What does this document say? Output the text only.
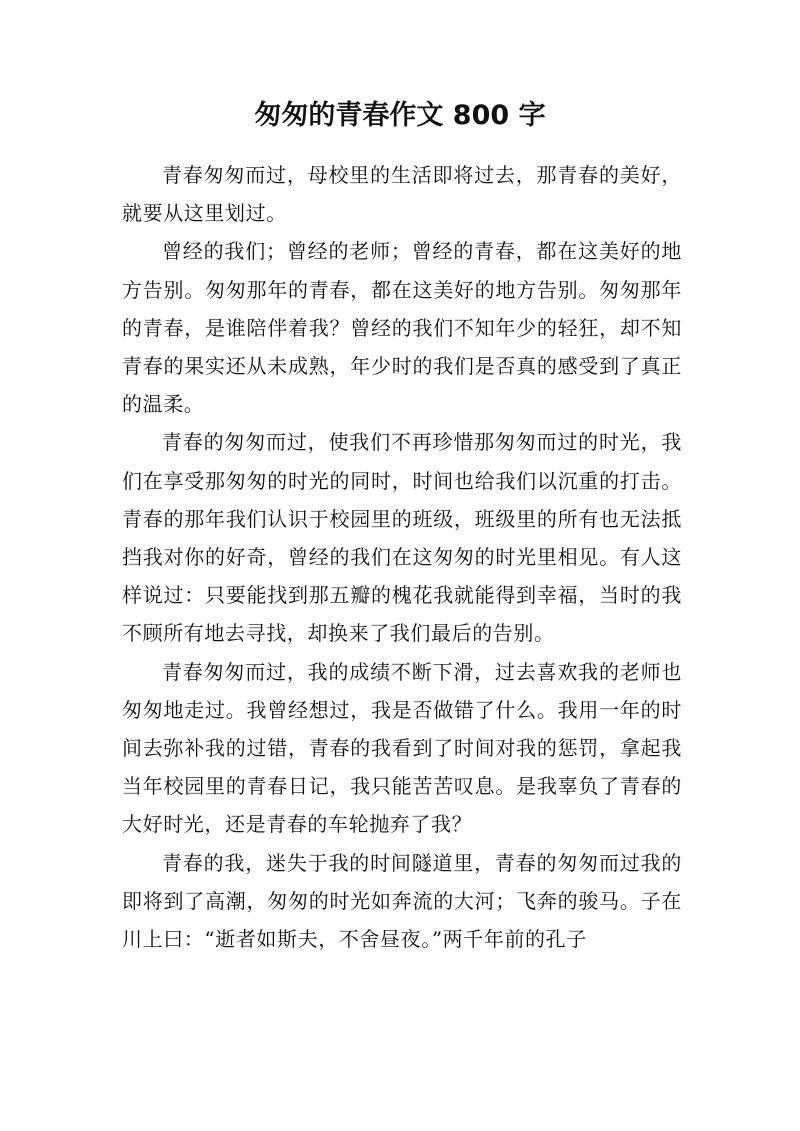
匆匆的青春作文 800 字

青春匆匆而过，母校里的生活即将过去，那青春的美好，就要从这里划过。

曾经的我们；曾经的老师；曾经的青春，都在这美好的地方告别。匆匆那年的青春，都在这美好的地方告别。匆匆那年的青春，是谁陪伴着我？曾经的我们不知年少的轻狂，却不知青春的果实还从未成熟，年少时的我们是否真的感受到了真正的温柔。

青春的匆匆而过，使我们不再珍惜那匆匆而过的时光，我们在享受那匆匆的时光的同时，时间也给我们以沉重的打击。青春的那年我们认识于校园里的班级，班级里的所有也无法抵挡我对你的好奇，曾经的我们在这匆匆的时光里相见。有人这样说过：只要能找到那五瓣的槐花我就能得到幸福，当时的我不顾所有地去寻找，却换来了我们最后的告别。

青春匆匆而过，我的成绩不断下滑，过去喜欢我的老师也匆匆地走过。我曾经想过，我是否做错了什么。我用一年的时间去弥补我的过错，青春的我看到了时间对我的惩罚，拿起我当年校园里的青春日记，我只能苦苦叹息。是我辜负了青春的大好时光，还是青春的车轮抛弃了我？

青春的我，迷失于我的时间隧道里，青春的匆匆而过我的即将到了高潮，匆匆的时光如奔流的大河；飞奔的骏马。子在川上曰：“逝者如斯夫，不舍昼夜。”两千年前的孔子
